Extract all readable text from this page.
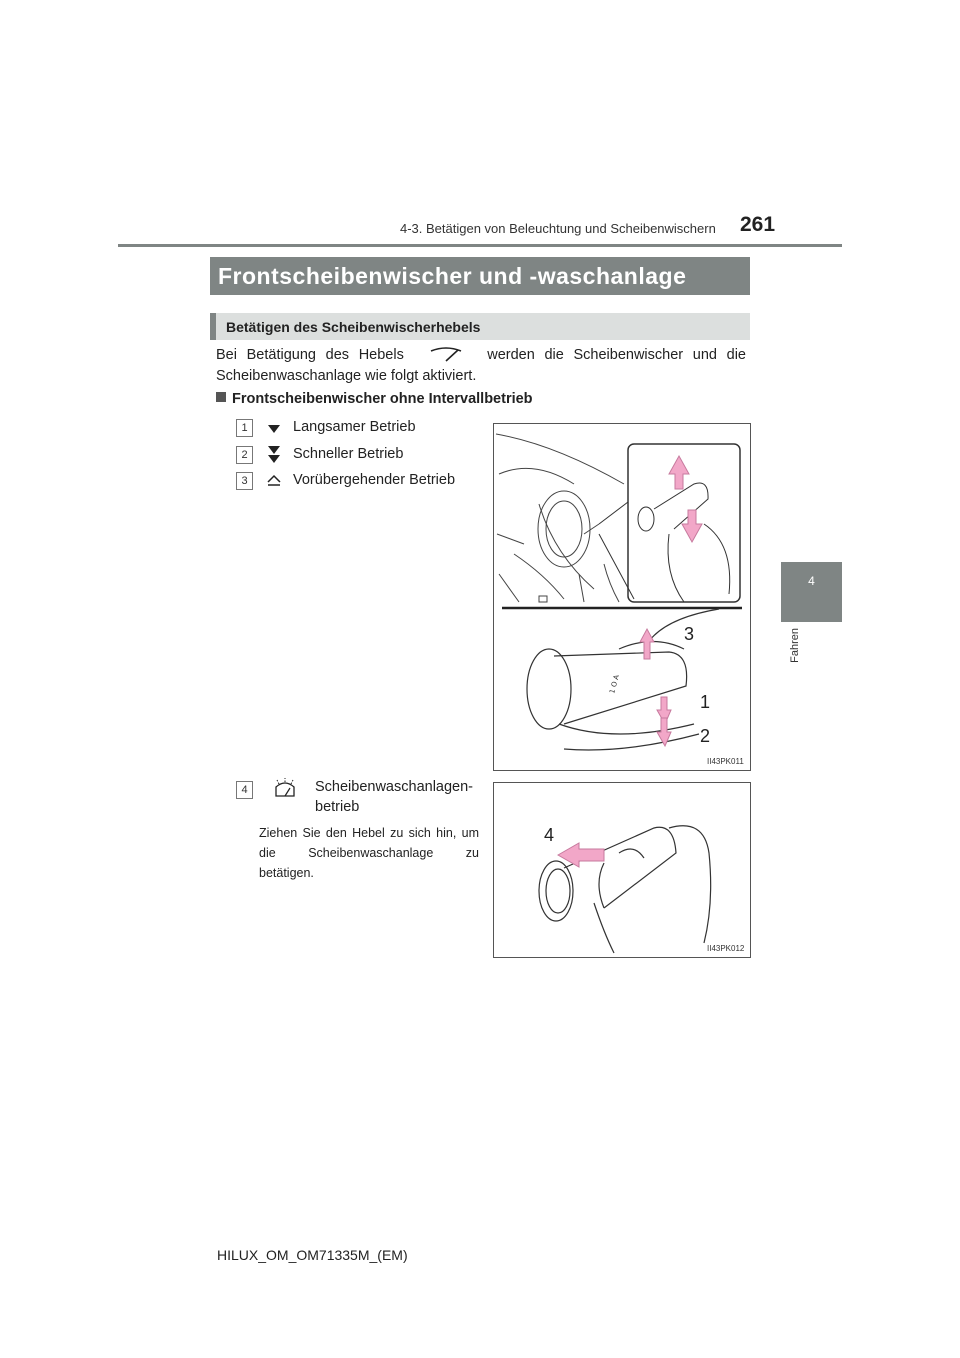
4-3. Betätigen von Beleuchtung und Scheibenwischern 261
4
Fahren
Frontscheibenwischer und -waschanlage
Betätigen des Scheibenwischerhebels
Bei Betätigung des Hebels	werden die Scheibenwischer und die Scheibenwaschanlage wie folgt aktiviert.
Frontscheibenwischer ohne Intervallbetrieb
1	Langsamer Betrieb
2	Schneller Betrieb
3	Vorübergehender Betrieb
4	Scheibenwaschanlagen-
betrieb
Ziehen Sie den Hebel zu sich hin, um die Scheibenwaschanlage zu betätigen.
1 O A
3
1
2
II43PK011
4
II43PK012
HILUX_OM_OM71335M_(EM)
